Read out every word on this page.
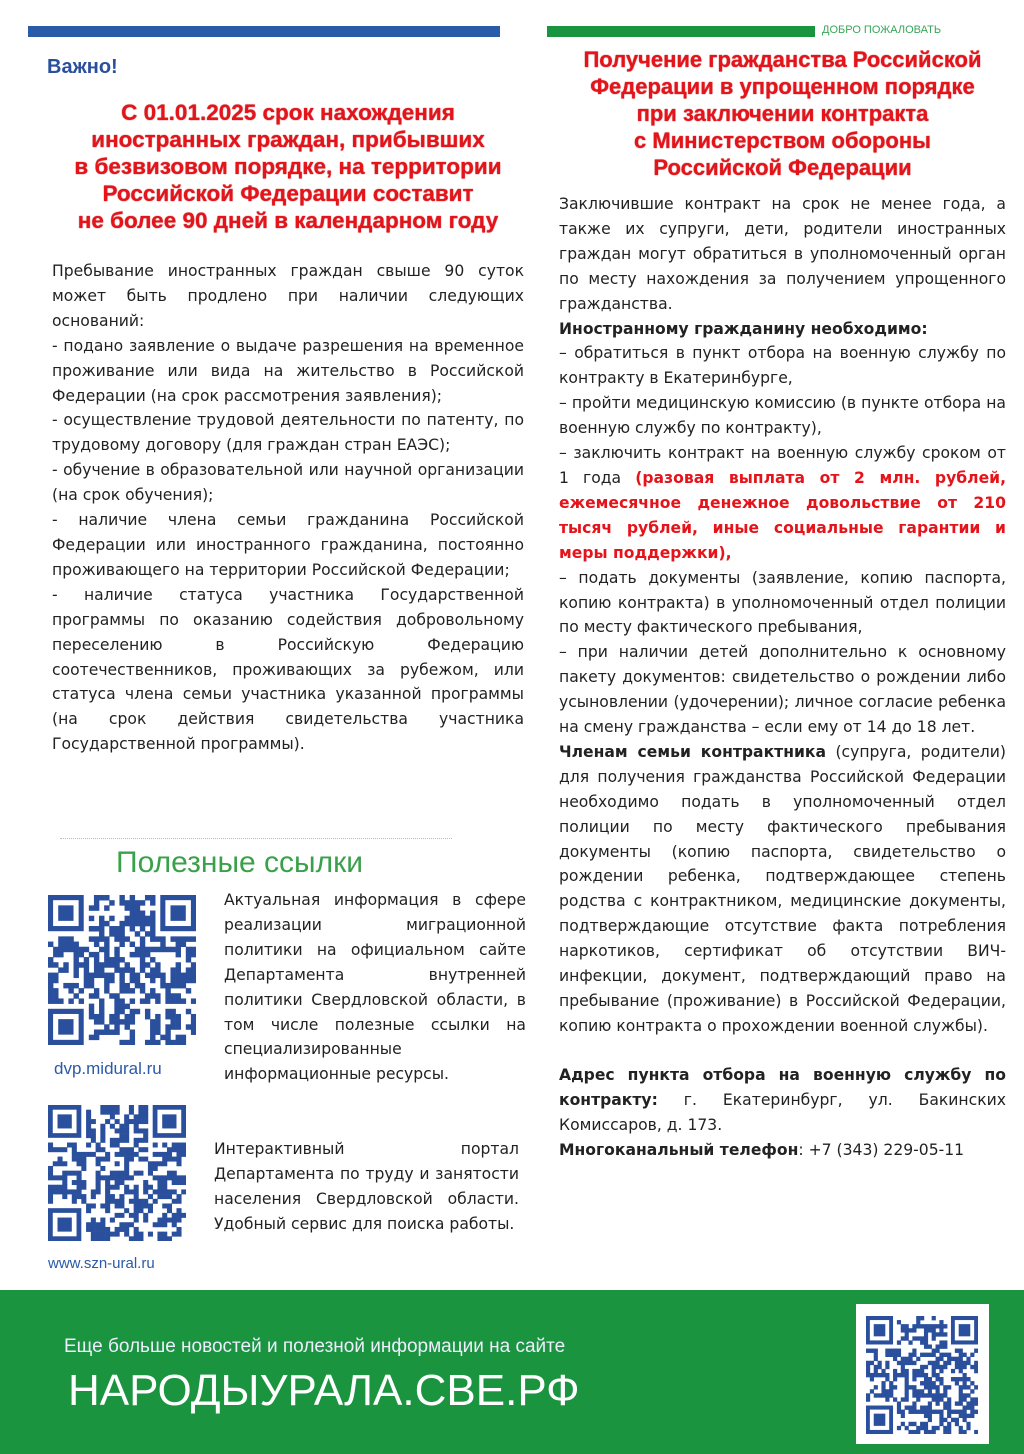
ДОБРО ПОЖАЛОВАТЬ
Важно!
С 01.01.2025 срок нахождения
иностранных граждан, прибывших
в безвизовом порядке, на территории
Российской Федерации составит
не более 90 дней в календарном году

Пребывание иностранных граждан свыше 90 суток может быть продлено при наличии следующих оснований:

- подано заявление о выдаче разрешения на временное проживание или вида на жительство в Российской Федерации (на срок рассмотрения заявления);

- осуществление трудовой деятельности по патенту, по трудовому договору (для граждан стран ЕАЭС);

- обучение в образовательной или научной организации (на срок обучения);

- наличие члена семьи гражданина Российской Федерации или иностранного гражданина, постоянно проживающего на территории Российской Федерации;

- наличие статуса участника Государственной программы по оказанию содействия добровольному переселению в Российскую Федерацию соотечественников, проживающих за рубежом, или статуса члена семьи участника указанной программы (на срок действия свидетельства участника Государственной программы).

Полезные ссылки
dvp.midural.ru
Актуальная информация в сфере реализации миграционной политики на официальном сайте Департамента внутренней политики Свердловской области, в том числе полезные ссылки на специализированные информационные ресурсы.
www.szn-ural.ru
Интерактивный портал Департамента по труду и занятости населения Свердловской области. Удобный сервис для поиска работы.
Получение гражданства Российской
Федерации в упрощенном порядке
при заключении контракта
с Министерством обороны
Российской Федерации

Заключившие контракт на срок не менее года, а также их супруги, дети, родители иностранных граждан могут обратиться в уполномоченный орган по месту нахождения за получением упрощенного гражданства.

Иностранному гражданину необходимо:

– обратиться в пункт отбора на военную службу по контракту в Екатеринбурге,

– пройти медицинскую комиссию (в пункте отбора на военную службу по контракту),

– заключить контракт на военную службу сроком от 1 года (разовая выплата от 2 млн. рублей, ежемесячное денежное довольствие от 210 тысяч рублей, иные социальные гарантии и меры поддержки),

– подать документы (заявление, копию паспорта, копию контракта) в уполномоченный отдел полиции по месту фактического пребывания,

– при наличии детей дополнительно к основному пакету документов: свидетельство о рождении либо усыновлении (удочерении); личное согласие ребенка на смену гражданства – если ему от 14 до 18 лет.

Членам семьи контрактника (супруга, родители) для получения гражданства Российской Федерации необходимо подать в уполномоченный отдел полиции по месту фактического пребывания документы (копию паспорта, свидетельство о рождении ребенка, подтверждающее степень родства с контрактником, медицинские документы, подтверждающие отсутствие факта потребления наркотиков, сертификат об отсутствии ВИЧ-инфекции, документ, подтверждающий право на пребывание (проживание) в Российской Федерации, копию контракта о прохождении военной службы).

Адрес пункта отбора на военную службу по контракту: г. Екатеринбург, ул. Бакинских Комиссаров, д. 173.

Многоканальный телефон: +7 (343) 229-05-11

Еще больше новостей и полезной информации на сайте
НАРОДЫУРАЛА.СВЕ.РФ
